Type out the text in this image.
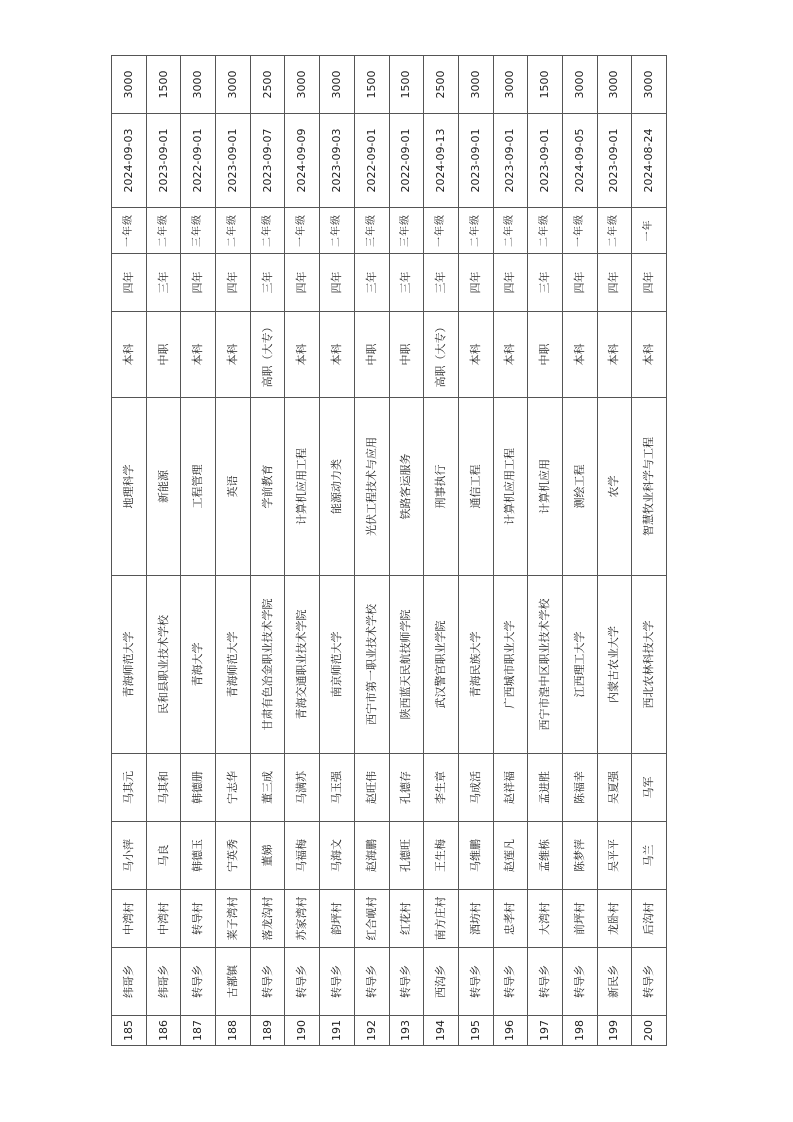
185	纬哥乡	中湾村	马小萍	马其元	青海师范大学	地理科学	本科	四年	一年级	2024-09-03	3000
186	纬哥乡	中湾村	马良	马其和	民和县职业技术学校	新能源	中职	三年	二年级	2023-09-01	1500
187	转导乡	转导村	韩德玉	韩德册	青海大学	工程管理	本科	四年	三年级	2022-09-01	3000
188	古鄯镇	莱子湾村	宁英秀	宁志华	青海师范大学	英语	本科	四年	二年级	2023-09-01	3000
189	转导乡	落龙沟村	董娣	董三成	甘肃有色冶金职业技术学院	学前教育	高职（大专）	三年	二年级	2023-09-07	2500
190	转导乡	苏家湾村	马福梅	马满苏	青海交通职业技术学院	计算机应用工程	本科	四年	一年级	2024-09-09	3000
191	转导乡	韵坪村	马海文	马玉强	南京师范大学	能源动力类	本科	四年	二年级	2023-09-03	3000
192	转导乡	红合岘村	赵海鹏	赵旺伟	西宁市第一职业技术学校	光伏工程技术与应用	中职	三年	三年级	2022-09-01	1500
193	转导乡	红花村	孔德旺	孔德存	陕西蓝天民航技师学院	铁路客运服务	中职	三年	三年级	2022-09-01	1500
194	西沟乡	南方庄村	王生梅	李生章	武汉警官职业学院	刑事执行	高职（大专）	三年	一年级	2024-09-13	2500
195	转导乡	酒坊村	马维鹏	马成活	青海民族大学	通信工程	本科	四年	二年级	2023-09-01	3000
196	转导乡	忠孝村	赵莲凡	赵祥福	广西城市职业大学	计算机应用工程	本科	四年	二年级	2023-09-01	3000
197	转导乡	大湾村	孟维栋	孟进胜	西宁市湟中区职业技术学校	计算机应用	中职	三年	二年级	2023-09-01	1500
198	转导乡	前坪村	陈梦萍	陈福幸	江西理工大学	测绘工程	本科	四年	一年级	2024-09-05	3000
199	新民乡	龙卧村	吴平平	吴夏强	内蒙古农业大学	农学	本科	四年	二年级	2023-09-01	3000
200	转导乡	后沟村	马兰	马军	西北农林科技大学	智慧牧业科学与工程	本科	四年	一年	2024-08-24	3000
